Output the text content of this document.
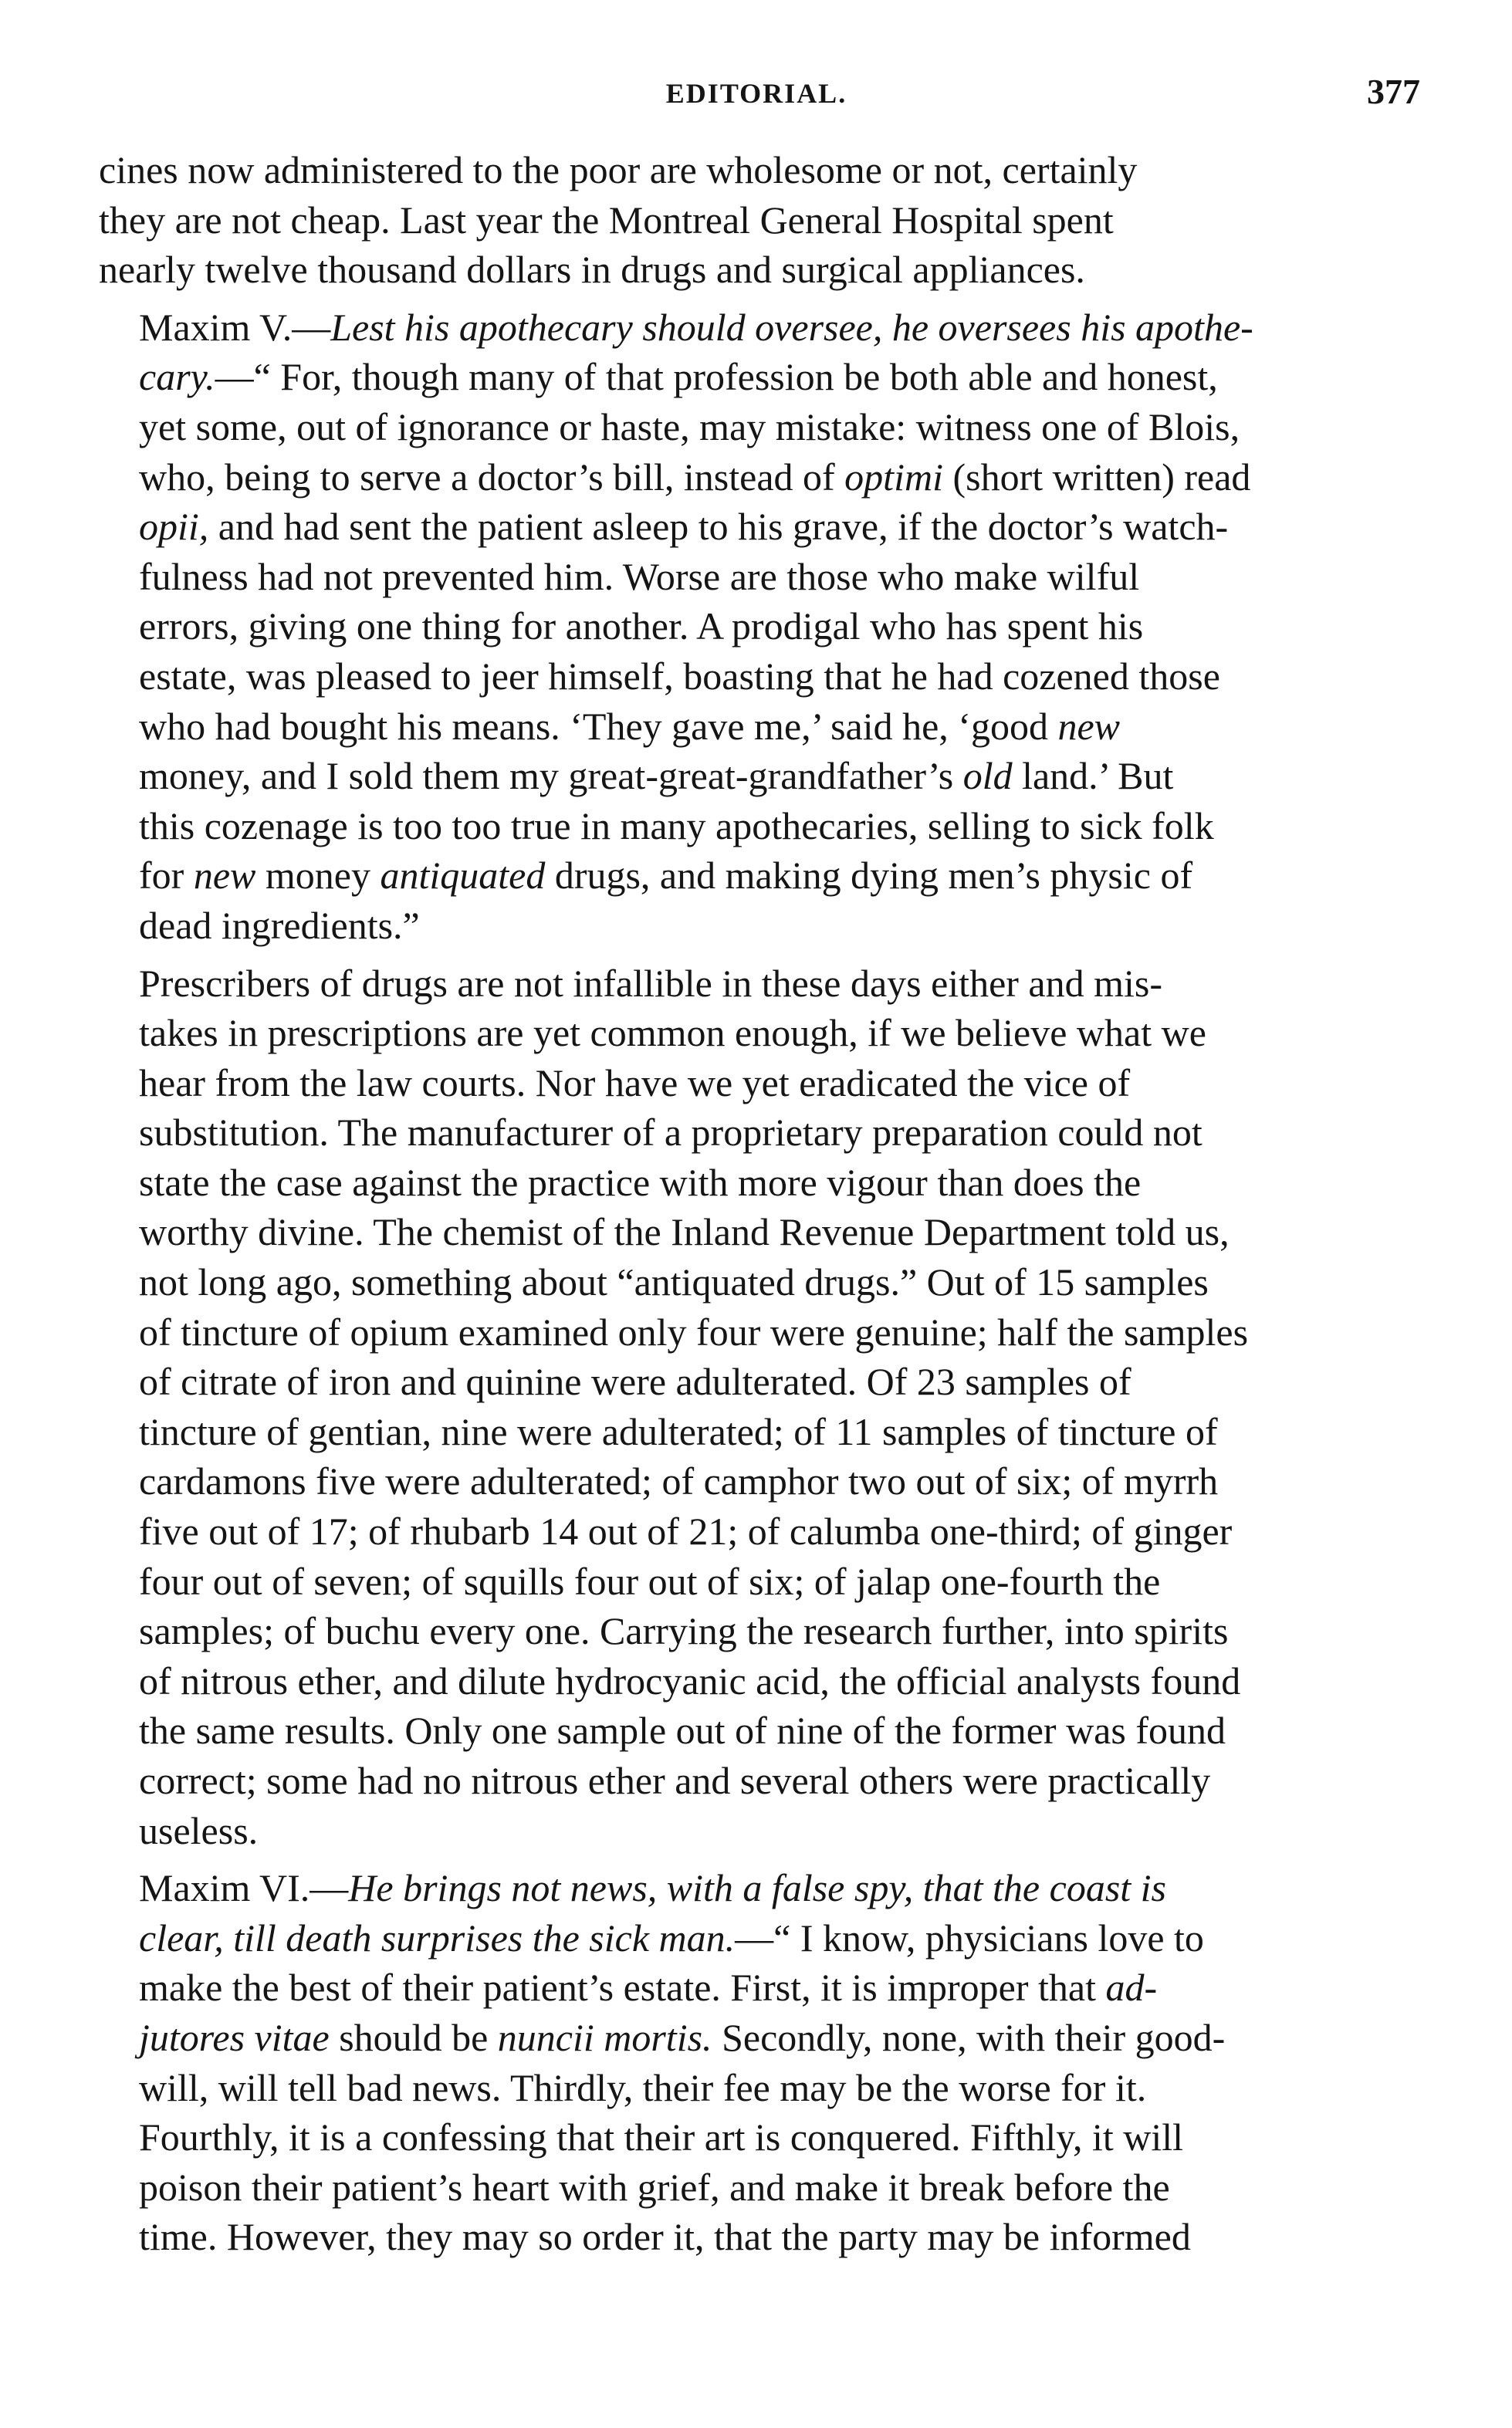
EDITORIAL.	377
cines now administered to the poor are wholesome or not, certainly
they are not cheap. Last year the Montreal General Hospital spent
nearly twelve thousand dollars in drugs and surgical appliances.
Maxim V.—Lest his apothecary should oversee, he oversees his apothe-
cary.—“ For, though many of that profession be both able and honest,
yet some, out of ignorance or haste, may mistake: witness one of Blois,
who, being to serve a doctor’s bill, instead of optimi (short written) read
opii, and had sent the patient asleep to his grave, if the doctor’s watch-
fulness had not prevented him. Worse are those who make wilful
errors, giving one thing for another. A prodigal who has spent his
estate, was pleased to jeer himself, boasting that he had cozened those
who had bought his means. ‘They gave me,’ said he, ‘good new
money, and I sold them my great-great-grandfather’s old land.’ But
this cozenage is too too true in many apothecaries, selling to sick folk
for new money antiquated drugs, and making dying men’s physic of
dead ingredients.”
Prescribers of drugs are not infallible in these days either and mis-
takes in prescriptions are yet common enough, if we believe what we
hear from the law courts. Nor have we yet eradicated the vice of
substitution. The manufacturer of a proprietary preparation could not
state the case against the practice with more vigour than does the
worthy divine. The chemist of the Inland Revenue Department told us,
not long ago, something about “antiquated drugs.” Out of 15 samples
of tincture of opium examined only four were genuine; half the samples
of citrate of iron and quinine were adulterated. Of 23 samples of
tincture of gentian, nine were adulterated; of 11 samples of tincture of
cardamons five were adulterated; of camphor two out of six; of myrrh
five out of 17; of rhubarb 14 out of 21; of calumba one-third; of ginger
four out of seven; of squills four out of six; of jalap one-fourth the
samples; of buchu every one. Carrying the research further, into spirits
of nitrous ether, and dilute hydrocyanic acid, the official analysts found
the same results. Only one sample out of nine of the former was found
correct; some had no nitrous ether and several others were practically
useless.
Maxim VI.—He brings not news, with a false spy, that the coast is
clear, till death surprises the sick man.—“ I know, physicians love to
make the best of their patient’s estate. First, it is improper that ad-
jutores vitae should be nuncii mortis. Secondly, none, with their good-
will, will tell bad news. Thirdly, their fee may be the worse for it.
Fourthly, it is a confessing that their art is conquered. Fifthly, it will
poison their patient’s heart with grief, and make it break before the
time. However, they may so order it, that the party may be informed
